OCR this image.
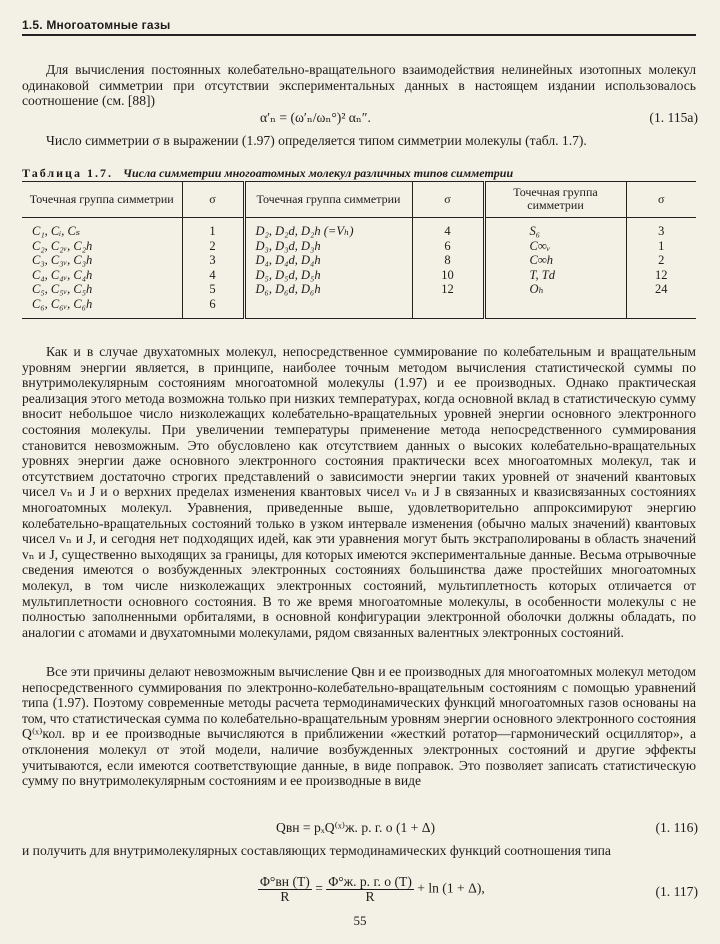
1.5. Многоатомные газы
Для вычисления постоянных колебательно-вращательного взаимодействия нелинейных изотопных молекул одинаковой симметрии при отсутствии экспериментальных данных в настоящем издании использовалось соотношение (см. [88])
α′ₙ = (ω′ₙ/ωₙ°)² αₙ″.	(1. 115а)
Число симметрии σ в выражении (1.97) определяется типом симметрии молекулы (табл. 1.7).
Таблица 1.7. Числа симметрии многоатомных молекул различных типов симметрии
Точечная группа симметрии	σ	Точечная группа симметрии	σ	Точечная группа симметрии	σ
C₁, Cᵢ, Cₛ	1	D₂, D₂d, D₂h (=Vₕ)	4	S₆	3
C₂, C₂ᵥ, C₂h	2	D₃, D₃d, D₃h	6	C∞ᵥ	1
C₃, C₃ᵥ, C₃h	3	D₄, D₄d, D₄h	8	C∞h	2
C₄, C₄ᵥ, C₄h	4	D₅, D₅d, D₅h	10	T, Td	12
C₅, C₅ᵥ, C₅h	5	D₆, D₆d, D₆h	12	Oₕ	24
C₆, C₆ᵥ, C₆h	6				
Как и в случае двухатомных молекул, непосредственное суммирование по колебательным и вращательным уровням энергии является, в принципе, наиболее точным методом вычисления статистической суммы по внутримолекулярным состояниям многоатомной молекулы (1.97) и ее производных. Однако практическая реализация этого метода возможна только при низких температурах, когда основной вклад в статистическую сумму вносит небольшое число низколежащих колебательно-вращательных уровней энергии основного электронного состояния молекулы. При увеличении температуры применение метода непосредственного суммирования становится невозможным. Это обусловлено как отсутствием данных о высоких колебательно-вращательных уровнях энергии даже основного электронного состояния практически всех многоатомных молекул, так и отсутствием достаточно строгих представлений о зависимости энергии таких уровней от значений квантовых чисел vₙ и J и о верхних пределах изменения квантовых чисел vₙ и J в связанных и квазисвязанных состояниях многоатомных молекул. Уравнения, приведенные выше, удовлетворительно аппроксимируют энергию колебательно-вращательных состояний только в узком интервале изменения (обычно малых значений) квантовых чисел vₙ и J, и сегодня нет подходящих идей, как эти уравнения могут быть экстраполированы в область значений vₙ и J, существенно выходящих за границы, для которых имеются экспериментальные данные. Весьма отрывочные сведения имеются о возбужденных электронных состояниях большинства даже простейших многоатомных молекул, в том числе низколежащих электронных состояний, мультиплетность которых отличается от мультиплетности основного состояния. В то же время многоатомные молекулы, в особенности молекулы с не полностью заполненными орбиталями, в основной конфигурации электронной оболочки должны обладать, по аналогии с атомами и двухатомными молекулами, рядом связанных валентных электронных состояний.
Все эти причины делают невозможным вычисление Qвн и ее производных для многоатомных молекул методом непосредственного суммирования по электронно-колебательно-вращательным состояниям с помощью уравнений типа (1.97). Поэтому современные методы расчета термодинамических функций многоатомных газов основаны на том, что статистическая сумма по колебательно-вращательным уровням энергии основного электронного состояния Q⁽ˣ⁾кол. вр и ее производные вычисляются в приближении «жесткий ротатор—гармонический осциллятор», а отклонения молекул от этой модели, наличие возбужденных электронных состояний и другие эффекты учитываются, если имеются соответствующие данные, в виде поправок. Это позволяет записать статистическую сумму по внутримолекулярным состояниям и ее производные в виде
Qвн = pₓQ⁽ˣ⁾ж. р. г. о (1 + Δ)	(1. 116)
и получить для внутримолекулярных составляющих термодинамических функций соотношения типа
$\frac{\Phi^\circ вн (T)}{R} = \frac{\Phi^\circ ж. р. г. о (T)}{R} + \ln (1 + \Delta)$,	(1. 117)
55
